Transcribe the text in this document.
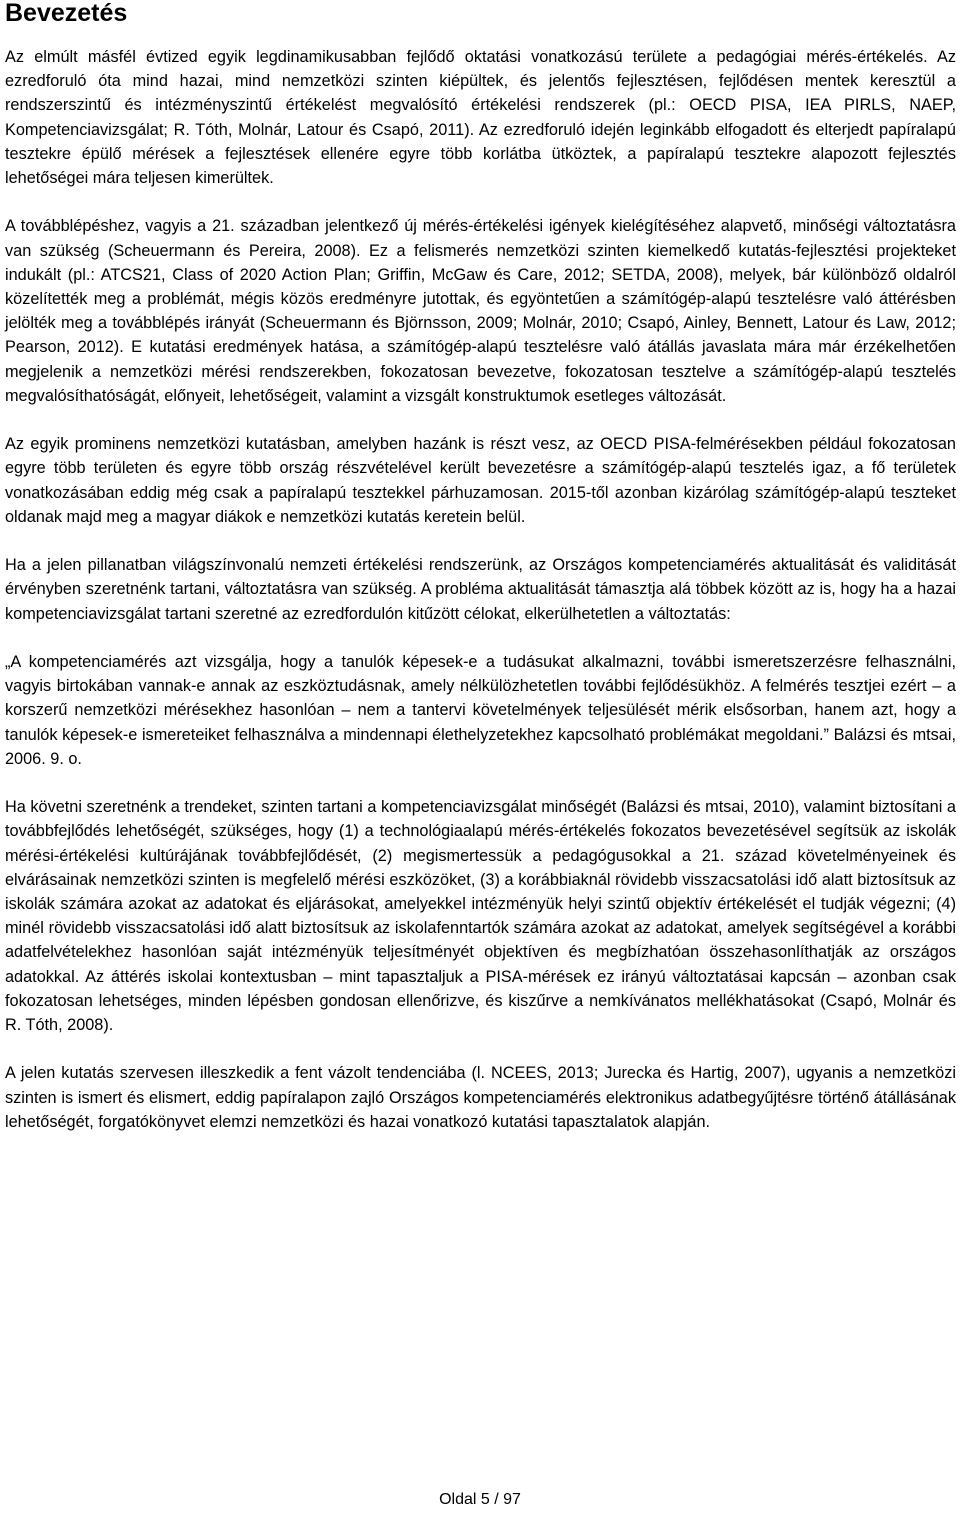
Bevezetés

Az elmúlt másfél évtized egyik legdinamikusabban fejlődő oktatási vonatkozású területe a pedagógiai mérés-értékelés. Az ezredforuló óta mind hazai, mind nemzetközi szinten kiépültek, és jelentős fejlesztésen, fejlődésen mentek keresztül a rendszerszintű és intézményszintű értékelést megvalósító értékelési rendszerek (pl.: OECD PISA, IEA PIRLS, NAEP, Kompetenciavizsgálat; R. Tóth, Molnár, Latour és Csapó, 2011). Az ezredforuló idején leginkább elfogadott és elterjedt papíralapú tesztekre épülő mérések a fejlesztések ellenére egyre több korlátba ütköztek, a papíralapú tesztekre alapozott fejlesztés lehetőségei mára teljesen kimerültek.

A továbblépéshez, vagyis a 21. században jelentkező új mérés-értékelési igények kielégítéséhez alapvető, minőségi változtatásra van szükség (Scheuermann és Pereira, 2008). Ez a felismerés nemzetközi szinten kiemelkedő kutatás-fejlesztési projekteket indukált (pl.: ATCS21, Class of 2020 Action Plan; Griffin, McGaw és Care, 2012; SETDA, 2008), melyek, bár különböző oldalról közelítették meg a problémát, mégis közös eredményre jutottak, és egyöntetűen a számítógép-alapú tesztelésre való áttérésben jelölték meg a továbblépés irányát (Scheuermann és Björnsson, 2009; Molnár, 2010; Csapó, Ainley, Bennett, Latour és Law, 2012; Pearson, 2012). E kutatási eredmények hatása, a számítógép-alapú tesztelésre való átállás javaslata mára már érzékelhetően megjelenik a nemzetközi mérési rendszerekben, fokozatosan bevezetve, fokozatosan tesztelve a számítógép-alapú tesztelés megvalósíthatóságát, előnyeit, lehetőségeit, valamint a vizsgált konstruktumok esetleges változását.

Az egyik prominens nemzetközi kutatásban, amelyben hazánk is részt vesz, az OECD PISA-felmérésekben például fokozatosan egyre több területen és egyre több ország részvételével került bevezetésre a számítógép-alapú tesztelés igaz, a fő területek vonatkozásában eddig még csak a papíralapú tesztekkel párhuzamosan. 2015-től azonban kizárólag számítógép-alapú teszteket oldanak majd meg a magyar diákok e nemzetközi kutatás keretein belül.

Ha a jelen pillanatban világszínvonalú nemzeti értékelési rendszerünk, az Országos kompetenciamérés aktualitását és validitását érvényben szeretnénk tartani, változtatásra van szükség. A probléma aktualitását támasztja alá többek között az is, hogy ha a hazai kompetenciavizsgálat tartani szeretné az ezredfordulón kitűzött célokat, elkerülhetetlen a változtatás:

„A kompetenciamérés azt vizsgálja, hogy a tanulók képesek-e a tudásukat alkalmazni, további ismeretszerzésre felhasználni, vagyis birtokában vannak-e annak az eszköztudásnak, amely nélkülözhetetlen további fejlődésükhöz. A felmérés tesztjei ezért – a korszerű nemzetközi mérésekhez hasonlóan – nem a tantervi követelmények teljesülését mérik elsősorban, hanem azt, hogy a tanulók képesek-e ismereteiket felhasználva a mindennapi élethelyzetekhez kapcsolható problémákat megoldani.” Balázsi és mtsai, 2006. 9. o.

Ha követni szeretnénk a trendeket, szinten tartani a kompetenciavizsgálat minőségét (Balázsi és mtsai, 2010), valamint biztosítani a továbbfejlődés lehetőségét, szükséges, hogy (1) a technológiaalapú mérés-értékelés fokozatos bevezetésével segítsük az iskolák mérési-értékelési kultúrájának továbbfejlődését, (2) megismertessük a pedagógusokkal a 21. század követelményeinek és elvárásainak nemzetközi szinten is megfelelő mérési eszközöket, (3) a korábbiaknál rövidebb visszacsatolási idő alatt biztosítsuk az iskolák számára azokat az adatokat és eljárásokat, amelyekkel intézményük helyi szintű objektív értékelését el tudják végezni; (4) minél rövidebb visszacsatolási idő alatt biztosítsuk az iskolafenntartók számára azokat az adatokat, amelyek segítségével a korábbi adatfelvételekhez hasonlóan saját intézményük teljesítményét objektíven és megbízhatóan összehasonlíthatják az országos adatokkal. Az áttérés iskolai kontextusban – mint tapasztaljuk a PISA-mérések ez irányú változtatásai kapcsán – azonban csak fokozatosan lehetséges, minden lépésben gondosan ellenőrizve, és kiszűrve a nemkívánatos mellékhatásokat (Csapó, Molnár és R. Tóth, 2008).

A jelen kutatás szervesen illeszkedik a fent vázolt tendenciába (l. NCEES, 2013; Jurecka és Hartig, 2007), ugyanis a nemzetközi szinten is ismert és elismert, eddig papíralapon zajló Országos kompetenciamérés elektronikus adatbegyűjtésre történő átállásának lehetőségét, forgatókönyvet elemzi nemzetközi és hazai vonatkozó kutatási tapasztalatok alapján.

Oldal 5 / 97
